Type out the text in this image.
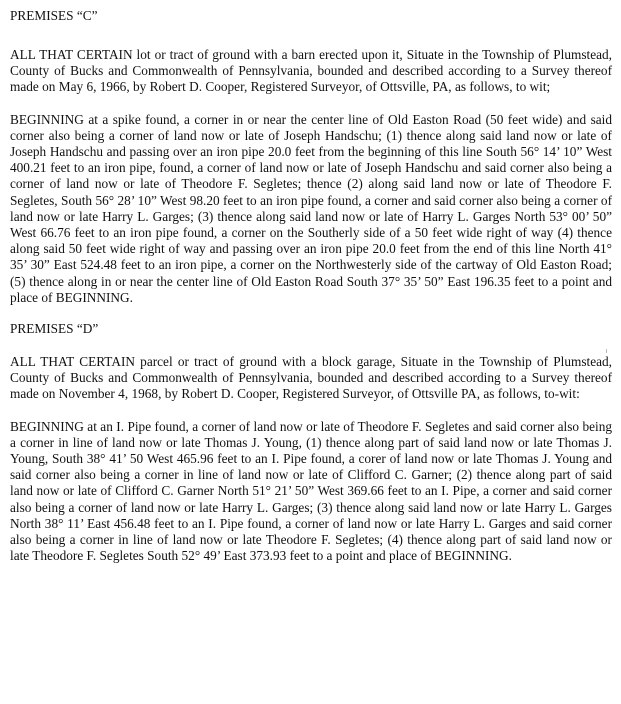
PREMISES “C”

ALL THAT CERTAIN lot or tract of ground with a barn erected upon it, Situate in the Township of Plumstead, County of Bucks and Commonwealth of Pennsylvania, bounded and described according to a Survey thereof made on May 6, 1966, by Robert D. Cooper, Registered Surveyor, of Ottsville, PA, as follows, to wit;

BEGINNING at a spike found, a corner in or near the center line of Old Easton Road (50 feet wide) and said corner also being a corner of land now or late of Joseph Handschu; (1) thence along said land now or late of Joseph Handschu and passing over an iron pipe 20.0 feet from the beginning of this line South 56° 14’ 10” West 400.21 feet to an iron pipe, found, a corner of land now or late of Joseph Handschu and said corner also being a corner of land now or late of Theodore F. Segletes; thence (2) along said land now or late of Theodore F. Segletes, South 56° 28’ 10” West 98.20 feet to an iron pipe found, a corner and said corner also being a corner of land now or late Harry L. Garges; (3) thence along said land now or late of Harry L. Garges North 53° 00’ 50” West 66.76 feet to an iron pipe found, a corner on the Southerly side of a 50 feet wide right of way (4) thence along said 50 feet wide right of way and passing over an iron pipe 20.0 feet from the end of this line North 41° 35’ 30” East 524.48 feet to an iron pipe, a corner on the Northwesterly side of the cartway of Old Easton Road; (5) thence along in or near the center line of Old Easton Road South 37° 35’ 50” East 196.35 feet to a point and place of BEGINNING.

PREMISES “D”

ALL THAT CERTAIN parcel or tract of ground with a block garage, Situate in the Township of Plumstead, County of Bucks and Commonwealth of Pennsylvania, bounded and described according to a Survey thereof made on November 4, 1968, by Robert D. Cooper, Registered Surveyor, of Ottsville PA, as follows, to-wit:

BEGINNING at an I. Pipe found, a corner of land now or late of Theodore F. Segletes and said corner also being a corner in line of land now or late Thomas J. Young, (1) thence along part of said land now or late Thomas J. Young, South 38° 41’ 50 West 465.96 feet to an I. Pipe found, a corer of land now or late Thomas J. Young and said corner also being a corner in line of land now or late of Clifford C. Garner; (2) thence along part of said land now or late of Clifford C. Garner North 51° 21’ 50” West 369.66 feet to an I. Pipe, a corner and said corner also being a corner of land now or late Harry L. Garges; (3) thence along said land now or late Harry L. Garges North 38° 11’ East 456.48 feet to an I. Pipe found, a corner of land now or late Harry L. Garges and said corner also being a corner in line of land now or late Theodore F. Segletes; (4) thence along part of said land now or late Theodore F. Segletes South 52° 49’ East 373.93 feet to a point and place of BEGINNING.
